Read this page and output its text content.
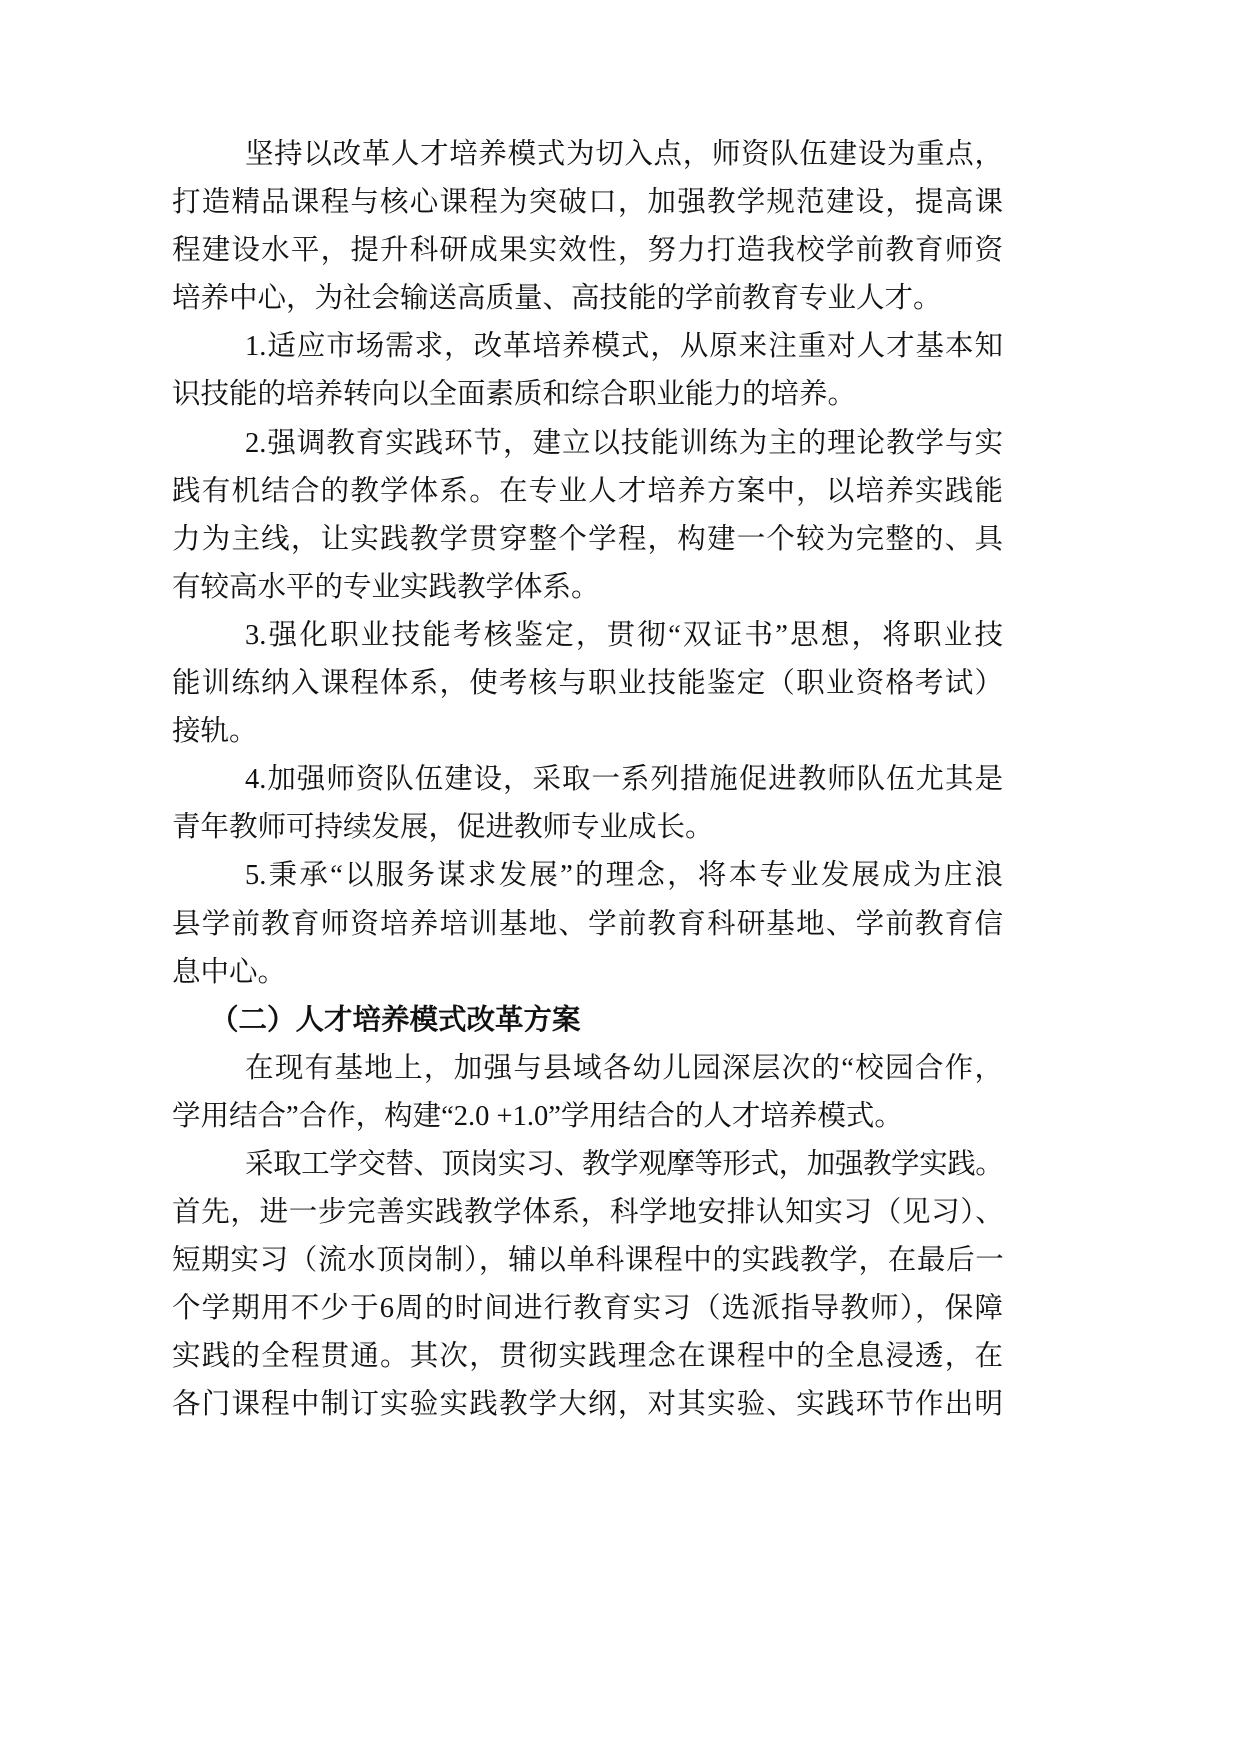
坚持以改革人才培养模式为切入点，师资队伍建设为重点，
打造精品课程与核心课程为突破口，加强教学规范建设，提高课
程建设水平，提升科研成果实效性，努力打造我校学前教育师资
培养中心，为社会输送高质量、高技能的学前教育专业人才。
1.适应市场需求，改革培养模式，从原来注重对人才基本知
识技能的培养转向以全面素质和综合职业能力的培养。
2.强调教育实践环节，建立以技能训练为主的理论教学与实
践有机结合的教学体系。在专业人才培养方案中，以培养实践能
力为主线，让实践教学贯穿整个学程，构建一个较为完整的、具
有较高水平的专业实践教学体系。
3.强化职业技能考核鉴定，贯彻“双证书”思想，将职业技
能训练纳入课程体系，使考核与职业技能鉴定（职业资格考试）
接轨。
4.加强师资队伍建设，采取一系列措施促进教师队伍尤其是
青年教师可持续发展，促进教师专业成长。
5.秉承“以服务谋求发展”的理念，将本专业发展成为庄浪
县学前教育师资培养培训基地、学前教育科研基地、学前教育信
息中心。
（二）人才培养模式改革方案
在现有基地上，加强与县域各幼儿园深层次的“校园合作，
学用结合”合作，构建“2.0 +1.0”学用结合的人才培养模式。
采取工学交替、顶岗实习、教学观摩等形式，加强教学实践。
首先，进一步完善实践教学体系，科学地安排认知实习（见习）、
短期实习（流水顶岗制），辅以单科课程中的实践教学，在最后一
个学期用不少于6周的时间进行教育实习（选派指导教师），保障
实践的全程贯通。其次，贯彻实践理念在课程中的全息浸透，在
各门课程中制订实验实践教学大纲，对其实验、实践环节作出明
